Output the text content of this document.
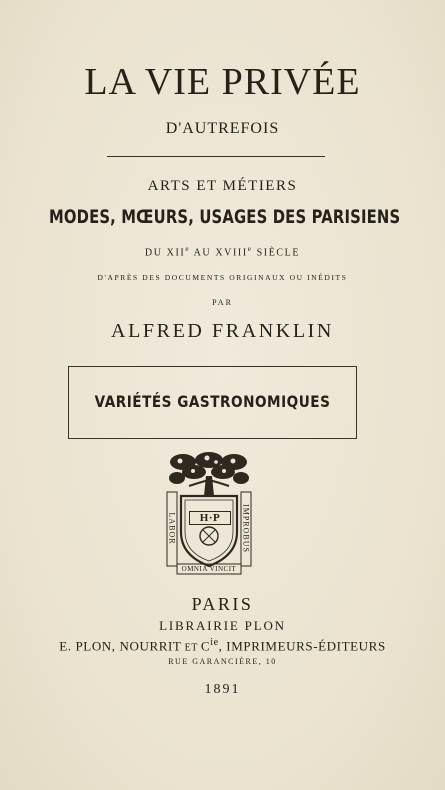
LA VIE PRIVÉE
D'AUTREFOIS
ARTS ET MÉTIERS
MODES, MŒURS, USAGES DES PARISIENS
DU XIIe AU XVIIIe SIÈCLE
D'APRÈS DES DOCUMENTS ORIGINAUX OU INÉDITS
PAR
ALFRED FRANKLIN
VARIÉTÉS GASTRONOMIQUES
H·P
LABOR	IMPROBUS
OMNIA VINCIT
PARIS
LIBRAIRIE PLON
E. PLON, NOURRIT ET $C^{ie}$, IMPRIMEURS-ÉDITEURS
RUE GARANCIÈRE, 10
1891
